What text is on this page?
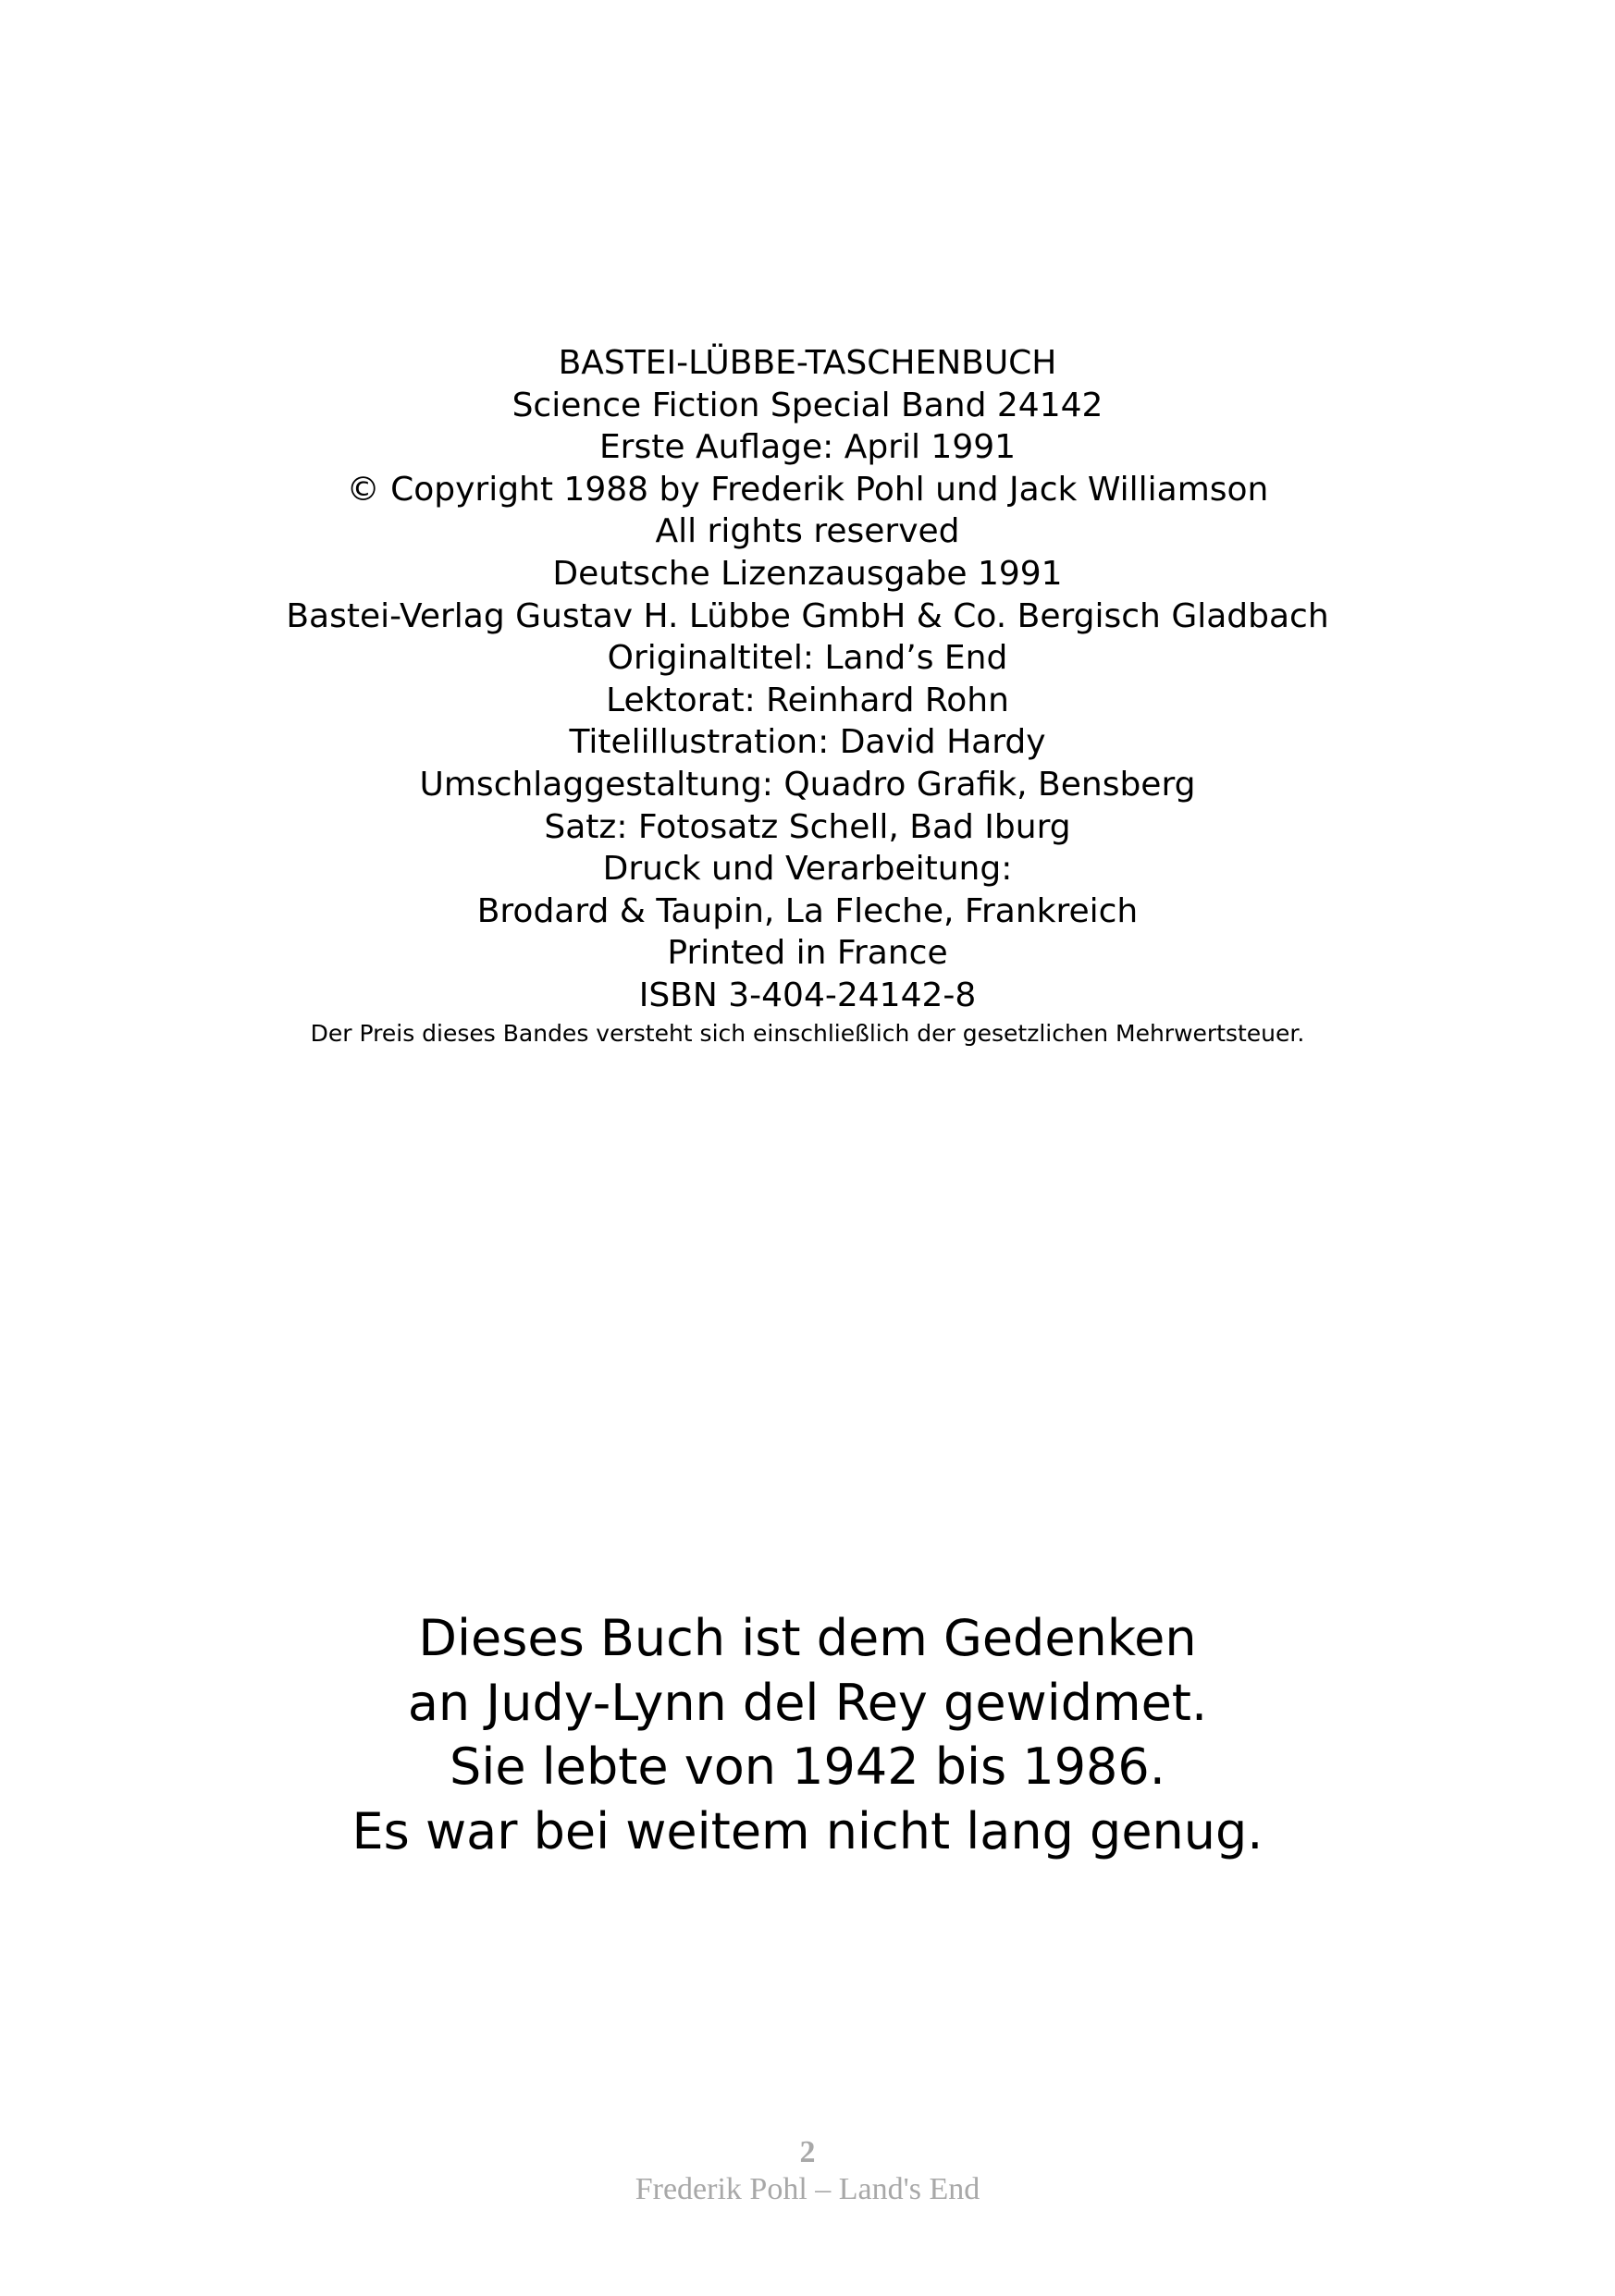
BASTEI-LÜBBE-TASCHENBUCH
Science Fiction Special Band 24142
Erste Auflage: April 1991
© Copyright 1988 by Frederik Pohl und Jack Williamson
All rights reserved
Deutsche Lizenzausgabe 1991
Bastei-Verlag Gustav H. Lübbe GmbH & Co. Bergisch Gladbach
Originaltitel: Land’s End
Lektorat: Reinhard Rohn
Titelillustration: David Hardy
Umschlaggestaltung: Quadro Grafik, Bensberg
Satz: Fotosatz Schell, Bad Iburg
Druck und Verarbeitung:
Brodard & Taupin, La Fleche, Frankreich
Printed in France
ISBN 3-404-24142-8
Der Preis dieses Bandes versteht sich einschließlich der gesetzlichen Mehrwertsteuer.
Dieses Buch ist dem Gedenken
an Judy-Lynn del Rey gewidmet.
Sie lebte von 1942 bis 1986.
Es war bei weitem nicht lang genug.
2
Frederik Pohl – Land's End
